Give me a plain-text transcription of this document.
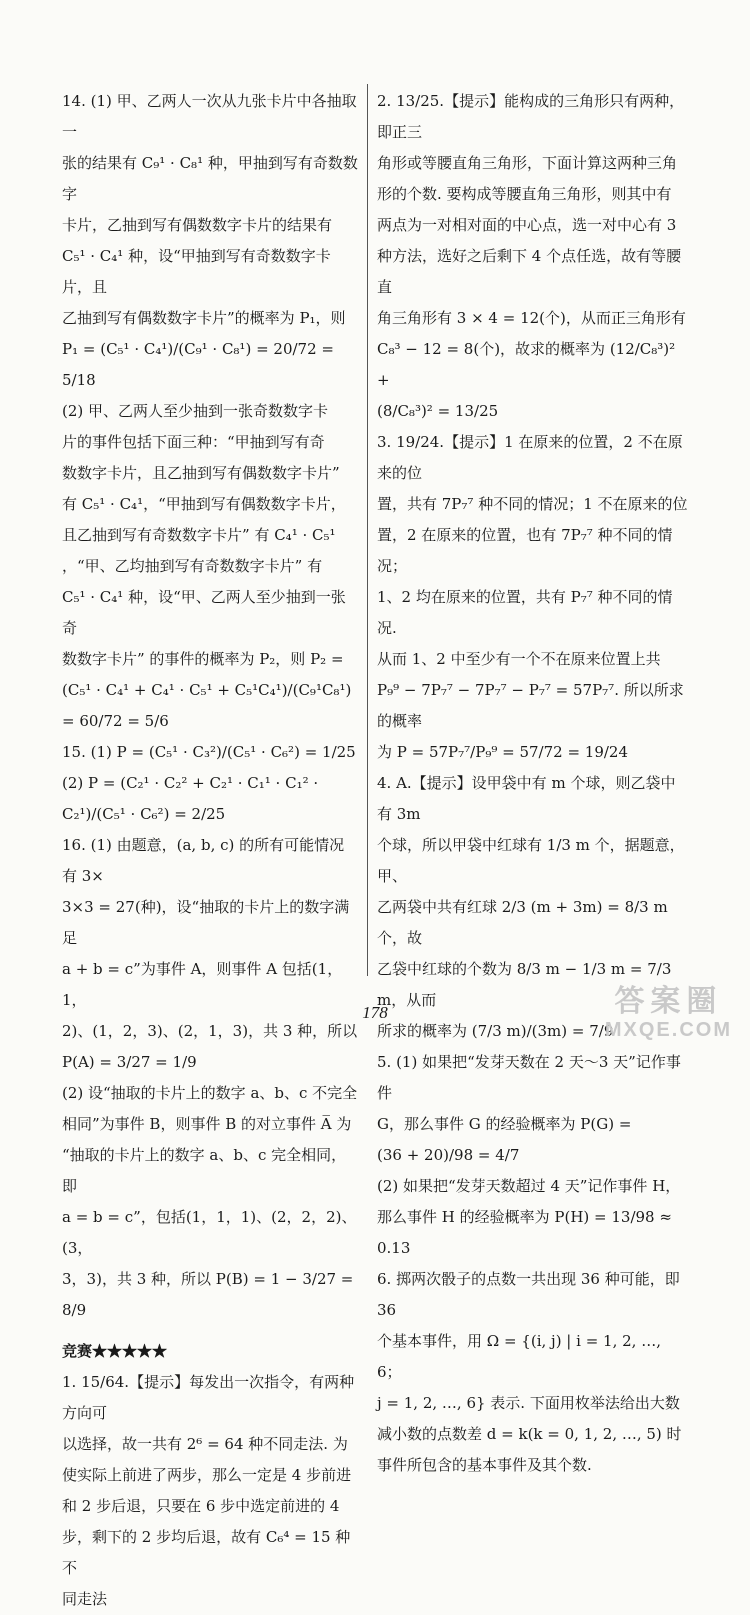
14. (1) 甲、乙两人一次从九张卡片中各抽取一

张的结果有 C₉¹ · C₈¹ 种，甲抽到写有奇数数字

卡片，乙抽到写有偶数数字卡片的结果有

C₅¹ · C₄¹ 种，设“甲抽到写有奇数数字卡片，且

乙抽到写有偶数数字卡片”的概率为 P₁，则

P₁ = (C₅¹ · C₄¹)/(C₉¹ · C₈¹) = 20/72 = 5/18

(2) 甲、乙两人至少抽到一张奇数数字卡

片的事件包括下面三种：“甲抽到写有奇

数数字卡片，且乙抽到写有偶数数字卡片”

有 C₅¹ · C₄¹，“甲抽到写有偶数数字卡片，

且乙抽到写有奇数数字卡片” 有 C₄¹ · C₅¹

，“甲、乙均抽到写有奇数数字卡片” 有

C₅¹ · C₄¹ 种，设“甲、乙两人至少抽到一张奇

数数字卡片” 的事件的概率为 P₂，则 P₂ =

(C₅¹ · C₄¹ + C₄¹ · C₅¹ + C₅¹C₄¹)/(C₉¹C₈¹) = 60/72 = 5/6

15. (1) P = (C₅¹ · C₃²)/(C₅¹ · C₆²) = 1/25

(2) P = (C₂¹ · C₂² + C₂¹ · C₁¹ · C₁² · C₂¹)/(C₅¹ · C₆²) = 2/25

16. (1) 由题意，(a, b, c) 的所有可能情况有 3×

3×3 = 27(种)，设“抽取的卡片上的数字满足

a + b = c”为事件 A，则事件 A 包括(1，1，

2)、(1，2，3)、(2，1，3)，共 3 种，所以

P(A) = 3/27 = 1/9

(2) 设“抽取的卡片上的数字 a、b、c 不完全

相同”为事件 B，则事件 B 的对立事件 A̅ 为

“抽取的卡片上的数字 a、b、c 完全相同，即

a = b = c”，包括(1，1，1)、(2，2，2)、(3，

3，3)，共 3 种，所以 P(B) = 1 − 3/27 = 8/9

竞赛★★★★★

1. 15/64.【提示】每发出一次指令，有两种方向可

以选择，故一共有 2⁶ = 64 种不同走法. 为

使实际上前进了两步，那么一定是 4 步前进

和 2 步后退，只要在 6 步中选定前进的 4

步，剩下的 2 步均后退，故有 C₆⁴ = 15 种不

同走法

2. 13/25.【提示】能构成的三角形只有两种，即正三

角形或等腰直角三角形，下面计算这两种三角

形的个数. 要构成等腰直角三角形，则其中有

两点为一对相对面的中心点，选一对中心有 3

种方法，选好之后剩下 4 个点任选，故有等腰直

角三角形有 3 × 4 = 12(个)，从而正三角形有

C₈³ − 12 = 8(个)，故求的概率为 (12/C₈³)² +

(8/C₈³)² = 13/25

3. 19/24.【提示】1 在原来的位置，2 不在原来的位

置，共有 7P₇⁷ 种不同的情况；1 不在原来的位

置，2 在原来的位置，也有 7P₇⁷ 种不同的情况；

1、2 均在原来的位置，共有 P₇⁷ 种不同的情况.

从而 1、2 中至少有一个不在原来位置上共

P₉⁹ − 7P₇⁷ − 7P₇⁷ − P₇⁷ = 57P₇⁷. 所以所求的概率

为 P = 57P₇⁷/P₉⁹ = 57/72 = 19/24

4. A.【提示】设甲袋中有 m 个球，则乙袋中有 3m

个球，所以甲袋中红球有 1/3 m 个，据题意，甲、

乙两袋中共有红球 2/3 (m + 3m) = 8/3 m 个，故

乙袋中红球的个数为 8/3 m − 1/3 m = 7/3 m，从而

所求的概率为 (7/3 m)/(3m) = 7/9

5. (1) 如果把“发芽天数在 2 天～3 天”记作事件

G，那么事件 G 的经验概率为 P(G) =

(36 + 20)/98 = 4/7

(2) 如果把“发芽天数超过 4 天”记作事件 H，

那么事件 H 的经验概率为 P(H) = 13/98 ≈

0.13

6. 掷两次骰子的点数一共出现 36 种可能，即 36

个基本事件，用 Ω = {(i, j) | i = 1, 2, …, 6；

j = 1, 2, …, 6} 表示. 下面用枚举法给出大数

减小数的点数差 d = k(k = 0, 1, 2, …, 5) 时

事件所包含的基本事件及其个数.

178	答案圈
MXQE.COM
